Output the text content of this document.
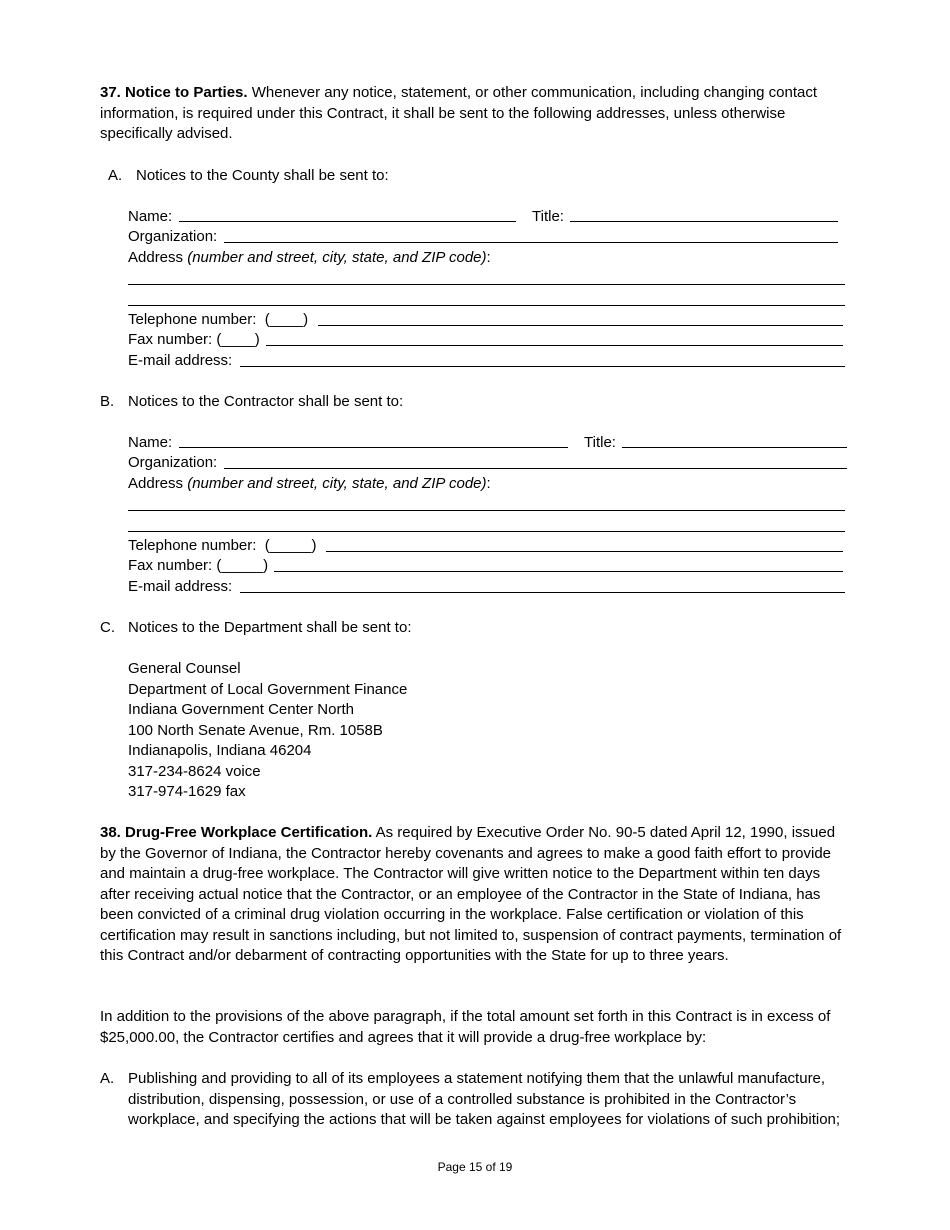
37. Notice to Parties. Whenever any notice, statement, or other communication, including changing contact information, is required under this Contract, it shall be sent to the following addresses, unless otherwise specifically advised.
A. Notices to the County shall be sent to:
Name:	Title:
Organization:
Address (number and street, city, state, and ZIP code):
Telephone number: (____)
Fax number: (____)
E-mail address:
B. Notices to the Contractor shall be sent to:
Name:	Title:
Organization:
Address (number and street, city, state, and ZIP code):
Telephone number: (_____)
Fax number: (_____)
E-mail address:
C. Notices to the Department shall be sent to:
General Counsel
Department of Local Government Finance
Indiana Government Center North
100 North Senate Avenue, Rm. 1058B
Indianapolis, Indiana 46204
317-234-8624 voice
317-974-1629 fax
38. Drug-Free Workplace Certification. As required by Executive Order No. 90-5 dated April 12, 1990, issued by the Governor of Indiana, the Contractor hereby covenants and agrees to make a good faith effort to provide and maintain a drug-free workplace. The Contractor will give written notice to the Department within ten days after receiving actual notice that the Contractor, or an employee of the Contractor in the State of Indiana, has been convicted of a criminal drug violation occurring in the workplace. False certification or violation of this certification may result in sanctions including, but not limited to, suspension of contract payments, termination of this Contract and/or debarment of contracting opportunities with the State for up to three years.
In addition to the provisions of the above paragraph, if the total amount set forth in this Contract is in excess of $25,000.00, the Contractor certifies and agrees that it will provide a drug-free workplace by:
A. Publishing and providing to all of its employees a statement notifying them that the unlawful manufacture, distribution, dispensing, possession, or use of a controlled substance is prohibited in the Contractor’s workplace, and specifying the actions that will be taken against employees for violations of such prohibition;
Page 15 of 19
